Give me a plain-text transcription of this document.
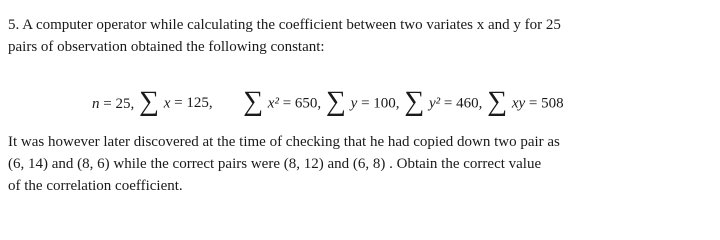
5. A computer operator while calculating the coefficient between two variates x and y for 25
pairs of observation obtained the following constant:
n = 25, ∑ x = 125, ∑ x² = 650, ∑ y = 100, ∑ y² = 460, ∑ xy = 508
It was however later discovered at the time of checking that he had copied down two pair as
(6, 14) and (8, 6) while the correct pairs were (8, 12) and (6, 8) . Obtain the correct value
of the correlation coefficient.
